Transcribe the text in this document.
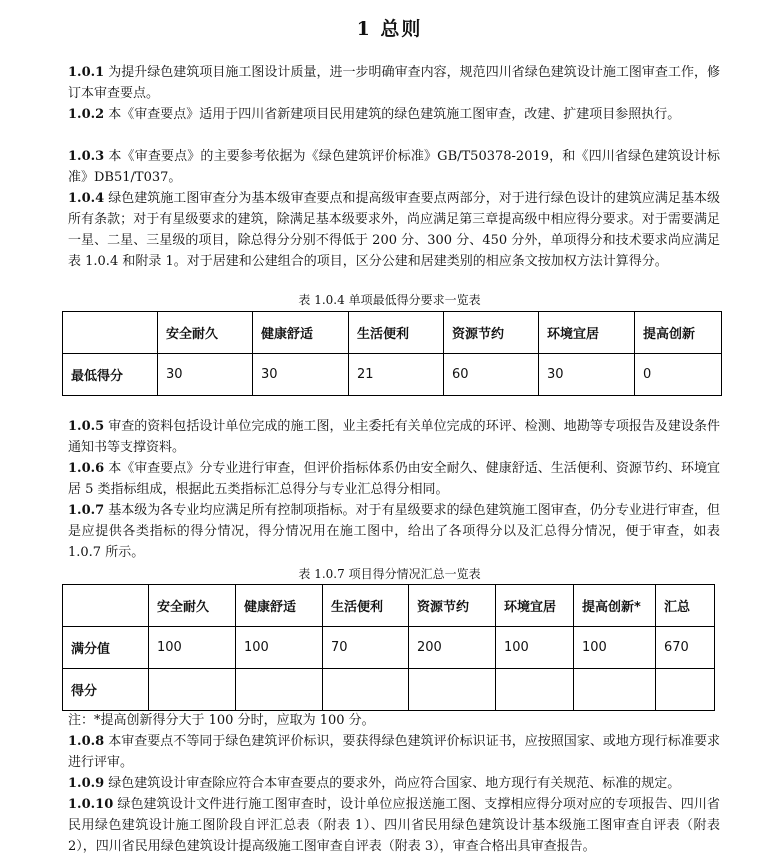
1 总则
1.0.1 为提升绿色建筑项目施工图设计质量，进一步明确审查内容，规范四川省绿色建筑设计施工图审查工作，修订本审查要点。
1.0.2 本《审查要点》适用于四川省新建项目民用建筑的绿色建筑施工图审查，改建、扩建项目参照执行。
1.0.3 本《审查要点》的主要参考依据为《绿色建筑评价标准》GB/T50378-2019，和《四川省绿色建筑设计标准》DB51/T037。
1.0.4 绿色建筑施工图审查分为基本级审查要点和提高级审查要点两部分，对于进行绿色设计的建筑应满足基本级所有条款；对于有星级要求的建筑，除满足基本级要求外，尚应满足第三章提高级中相应得分要求。对于需要满足一星、二星、三星级的项目，除总得分分别不得低于 200 分、300 分、450 分外，单项得分和技术要求尚应满足表 1.0.4 和附录 1。对于居建和公建组合的项目，区分公建和居建类别的相应条文按加权方法计算得分。
表 1.0.4 单项最低得分要求一览表
	安全耐久	健康舒适	生活便利	资源节约	环境宜居	提高创新
最低得分	30	30	21	60	30	0
1.0.5 审查的资料包括设计单位完成的施工图，业主委托有关单位完成的环评、检测、地勘等专项报告及建设条件通知书等支撑资料。
1.0.6 本《审查要点》分专业进行审查，但评价指标体系仍由安全耐久、健康舒适、生活便利、资源节约、环境宜居 5 类指标组成，根据此五类指标汇总得分与专业汇总得分相同。
1.0.7 基本级为各专业均应满足所有控制项指标。对于有星级要求的绿色建筑施工图审查，仍分专业进行审查，但是应提供各类指标的得分情况，得分情况用在施工图中，给出了各项得分以及汇总得分情况，便于审查，如表 1.0.7 所示。
表 1.0.7 项目得分情况汇总一览表
	安全耐久	健康舒适	生活便利	资源节约	环境宜居	提高创新*	汇总
满分值	100	100	70	200	100	100	670
得分							
注：*提高创新得分大于 100 分时，应取为 100 分。
1.0.8 本审查要点不等同于绿色建筑评价标识，要获得绿色建筑评价标识证书，应按照国家、或地方现行标准要求进行评审。
1.0.9 绿色建筑设计审查除应符合本审查要点的要求外，尚应符合国家、地方现行有关规范、标准的规定。
1.0.10 绿色建筑设计文件进行施工图审查时，设计单位应报送施工图、支撑相应得分项对应的专项报告、四川省民用绿色建筑设计施工图阶段自评汇总表（附表 1）、四川省民用绿色建筑设计基本级施工图审查自评表（附表2），四川省民用绿色建筑设计提高级施工图审查自评表（附表 3），审查合格出具审查报告。
